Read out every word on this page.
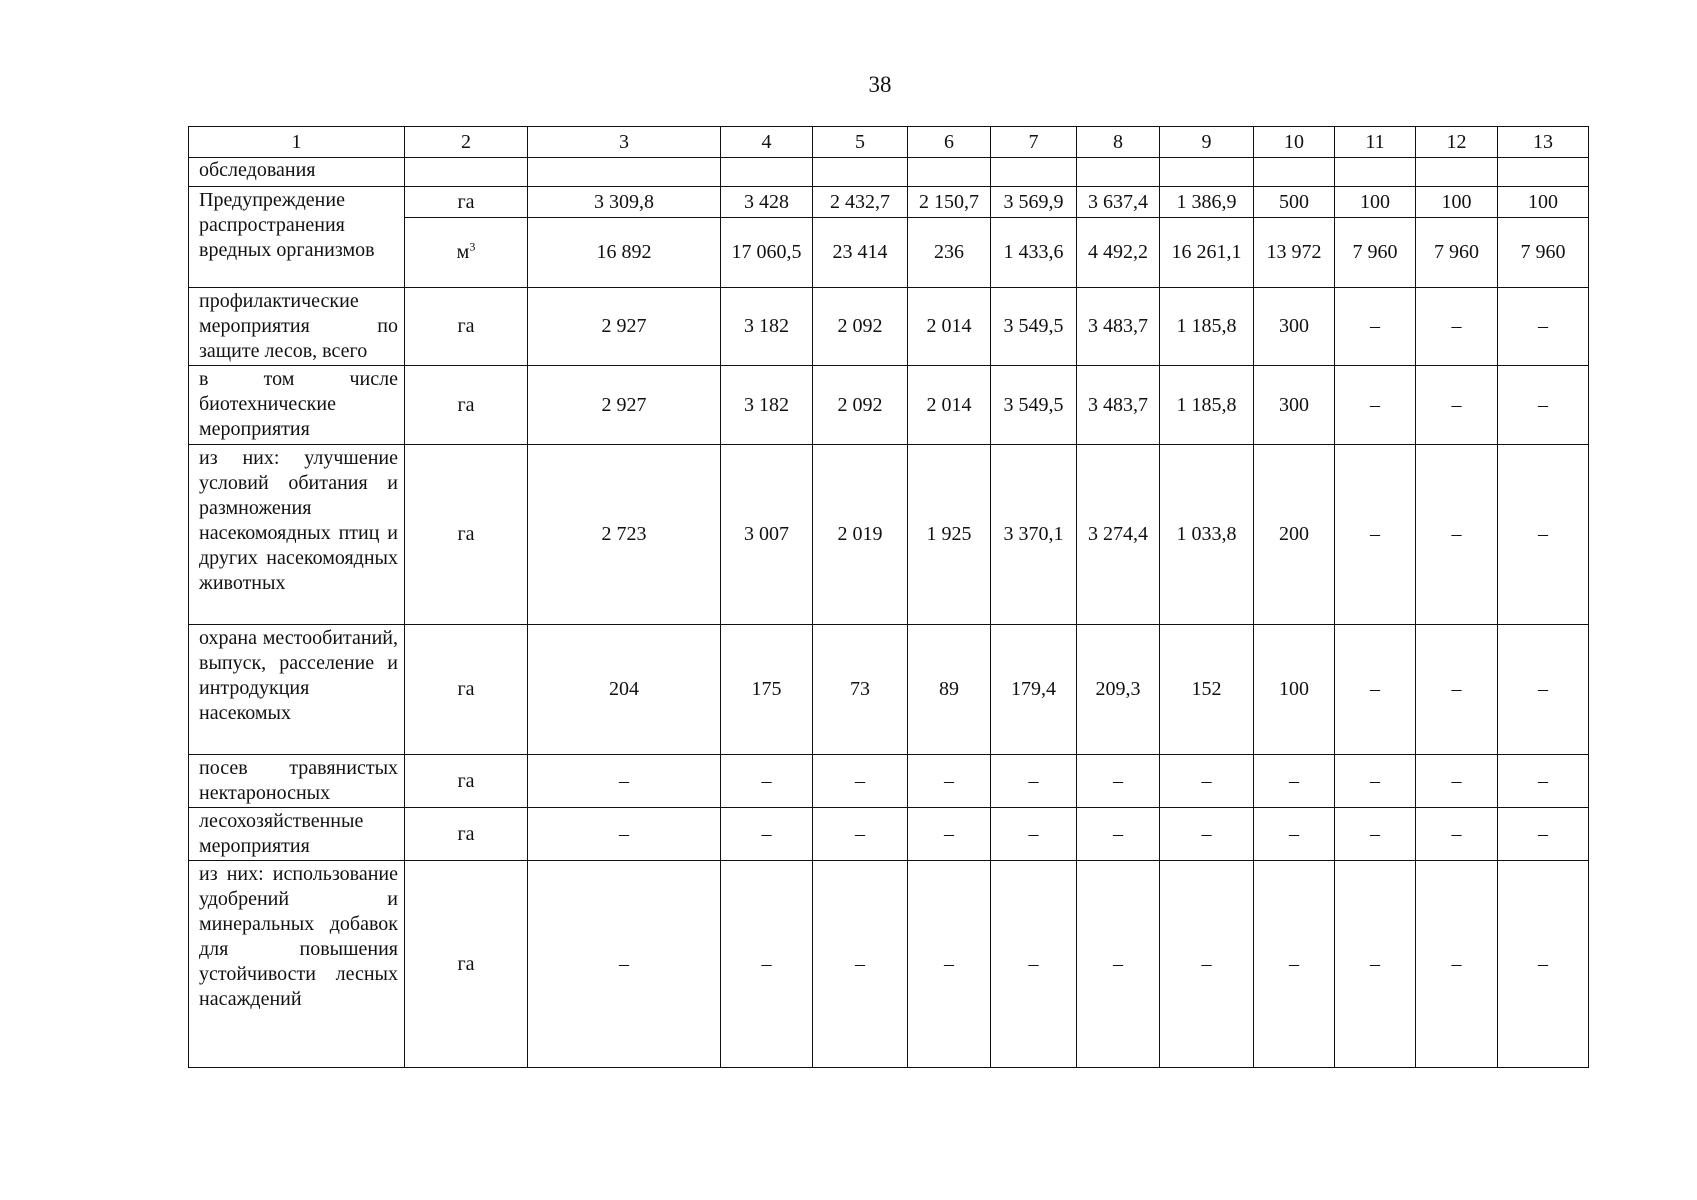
38
1	2	3	4	5	6	7	8	9	10	11	12	13	
обследования													
Предупреждение распространения вредных организмов	га	3 309,8	3 428	2 432,7	2 150,7	3 569,9	3 637,4	1 386,9	500	100	100	100	
	$м^3$	16 892	17 060,5	23 414	236	1 433,6	4 492,2	16 261,1	13 972	7 960	7 960	7 960	
профилактические мероприятия по защите лесов, всего	га	2 927	3 182	2 092	2 014	3 549,5	3 483,7	1 185,8	300	–	–	–	
в том числе биотехнические мероприятия	га	2 927	3 182	2 092	2 014	3 549,5	3 483,7	1 185,8	300	–	–	–	
из них: улучшение условий обитания и размножения насекомоядных птиц и других насекомоядных животных	га	2 723	3 007	2 019	1 925	3 370,1	3 274,4	1 033,8	200	–	–	–	
охрана местообитаний, выпуск, расселение и интродукция насекомых	га	204	175	73	89	179,4	209,3	152	100	–	–	–	
посев травянистых нектароносных	га	–	–	–	–	–	–	–	–	–	–	–	
лесохозяйственные мероприятия	га	–	–	–	–	–	–	–	–	–	–	–	
из них: использование удобрений и минеральных добавок для повышения устойчивости лесных насаждений	га	–	–	–	–	–	–	–	–	–	–	–	
